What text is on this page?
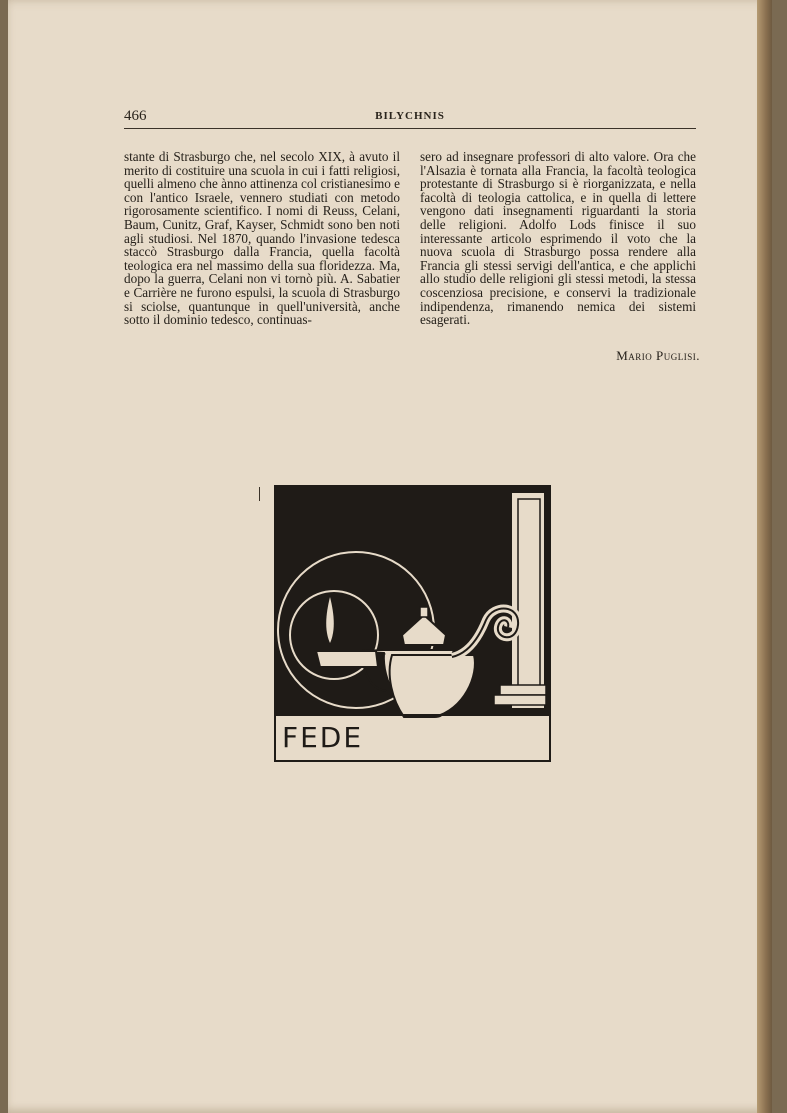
466	BILYCHNIS
stante di Strasburgo che, nel secolo XIX, à avuto il merito di costituire una scuola in cui i fatti religiosi, quelli almeno che ànno attinenza col cristianesimo e con l'antico Israele, vennero studiati con metodo rigorosamente scientifico. I nomi di Reuss, Celani, Baum, Cunitz, Graf, Kayser, Schmidt sono ben noti agli studiosi. Nel 1870, quando l'invasione tedesca staccò Strasburgo dalla Francia, quella facoltà teologica era nel massimo della sua floridezza. Ma, dopo la guerra, Celani non vi tornò più. A. Sabatier e Carrière ne furono espulsi, la scuola di Strasburgo si sciolse, quantunque in quell'università, anche sotto il dominio tedesco, continuas-
sero ad insegnare professori di alto valore. Ora che l'Alsazia è tornata alla Francia, la facoltà teologica protestante di Strasburgo si è riorganizzata, e nella facoltà di teologia cattolica, e in quella di lettere vengono dati insegnamenti riguardanti la storia delle religioni. Adolfo Lods finisce il suo interessante articolo esprimendo il voto che la nuova scuola di Strasburgo possa rendere alla Francia gli stessi servigi dell'antica, e che applichi allo studio delle religioni gli stessi metodi, la stessa coscenziosa precisione, e conservi la tradizionale indipendenza, rimanendo nemica dei sistemi esagerati.
Mario Puglisi.
FEDE
